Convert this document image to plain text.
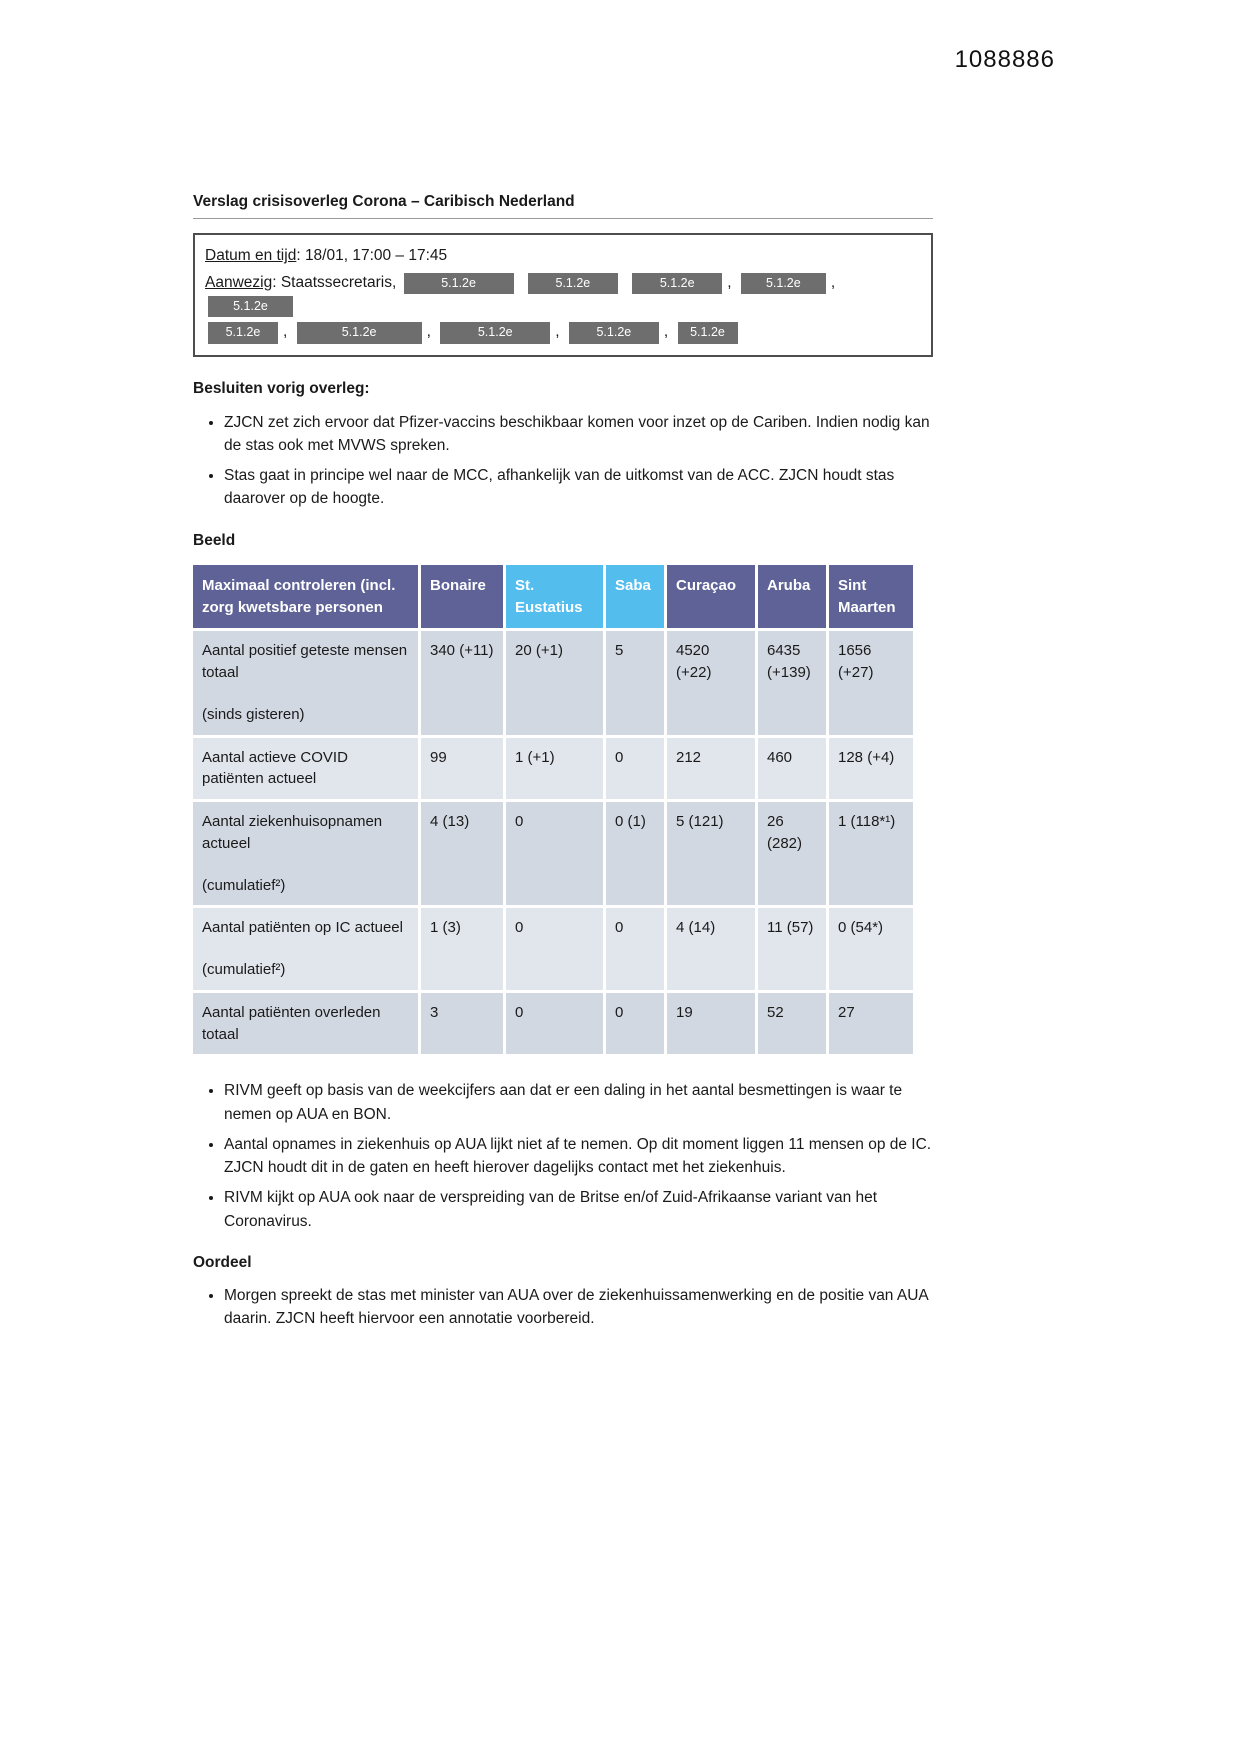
1088886
Verslag crisisoverleg Corona – Caribisch Nederland

Datum en tijd: 18/01, 17:00 – 17:45

Aanwezig: Staatssecretaris,	5.1.2e	5.1.2e	5.1.2e ,	5.1.2e , 5.1.2e

5.1.2e ,	5.1.2e	,	5.1.2e	,	5.1.2e , 5.1.2e

Besluiten vorig overleg:
• ZJCN zet zich ervoor dat Pfizer-vaccins beschikbaar komen voor inzet op de Cariben. Indien nodig kan de stas ook met MVWS spreken.
• Stas gaat in principe wel naar de MCC, afhankelijk van de uitkomst van de ACC. ZJCN houdt stas daarover op de hoogte.
Beeld
Maximaal controleren (incl. zorg kwetsbare personen	Bonaire	St. Eustatius	Saba	Curaçao	Aruba	Sint Maarten

Aantal positief geteste mensen totaal
(sinds gisteren)	340 (+11)	20 (+1)	5	4520 (+22)	6435 (+139)	1656 (+27)

Aantal actieve COVID patiënten actueel	99	1 (+1)	0	212	460	128 (+4)

Aantal ziekenhuisopnamen actueel
(cumulatief²)	4 (13)	0	0 (1)	5 (121)	26 (282)	1 (118*¹)

Aantal patiënten op IC actueel
(cumulatief²)	1 (3)	0	0	4 (14)	11 (57)	0 (54*)

Aantal patiënten overleden totaal	3	0	0	19	52	27
• RIVM geeft op basis van de weekcijfers aan dat er een daling in het aantal besmettingen is waar te nemen op AUA en BON.
• Aantal opnames in ziekenhuis op AUA lijkt niet af te nemen. Op dit moment liggen 11 mensen op de IC. ZJCN houdt dit in de gaten en heeft hierover dagelijks contact met het ziekenhuis.
• RIVM kijkt op AUA ook naar de verspreiding van de Britse en/of Zuid-Afrikaanse variant van het Coronavirus.
Oordeel
• Morgen spreekt de stas met minister van AUA over de ziekenhuissamenwerking en de positie van AUA daarin. ZJCN heeft hiervoor een annotatie voorbereid.
